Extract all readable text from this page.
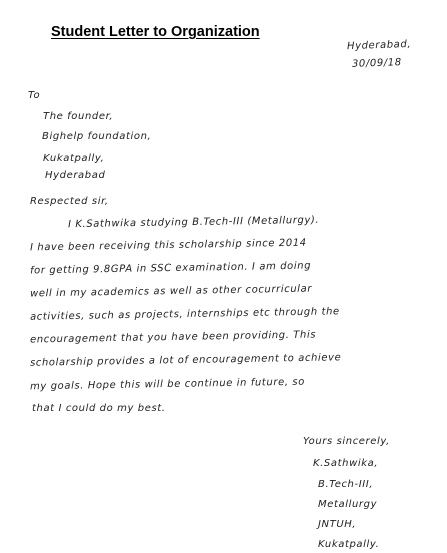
Student Letter to Organization
Hyderabad,
30/09/18
To
The founder,
Bighelp foundation,
Kukatpally,
Hyderabad
Respected sir,
I K.Sathwika studying B.Tech-III (Metallurgy).
I have been receiving this scholarship since 2014
for getting 9.8GPA in SSC examination. I am doing
well in my academics as well as other cocurricular
activities, such as projects, internships etc through the
encouragement that you have been providing. This
scholarship provides a lot of encouragement to achieve
my goals. Hope this will be continue in future, so
that I could do my best.
Yours sincerely,
K.Sathwika,
B.Tech-III,
Metallurgy
JNTUH,
Kukatpally.
